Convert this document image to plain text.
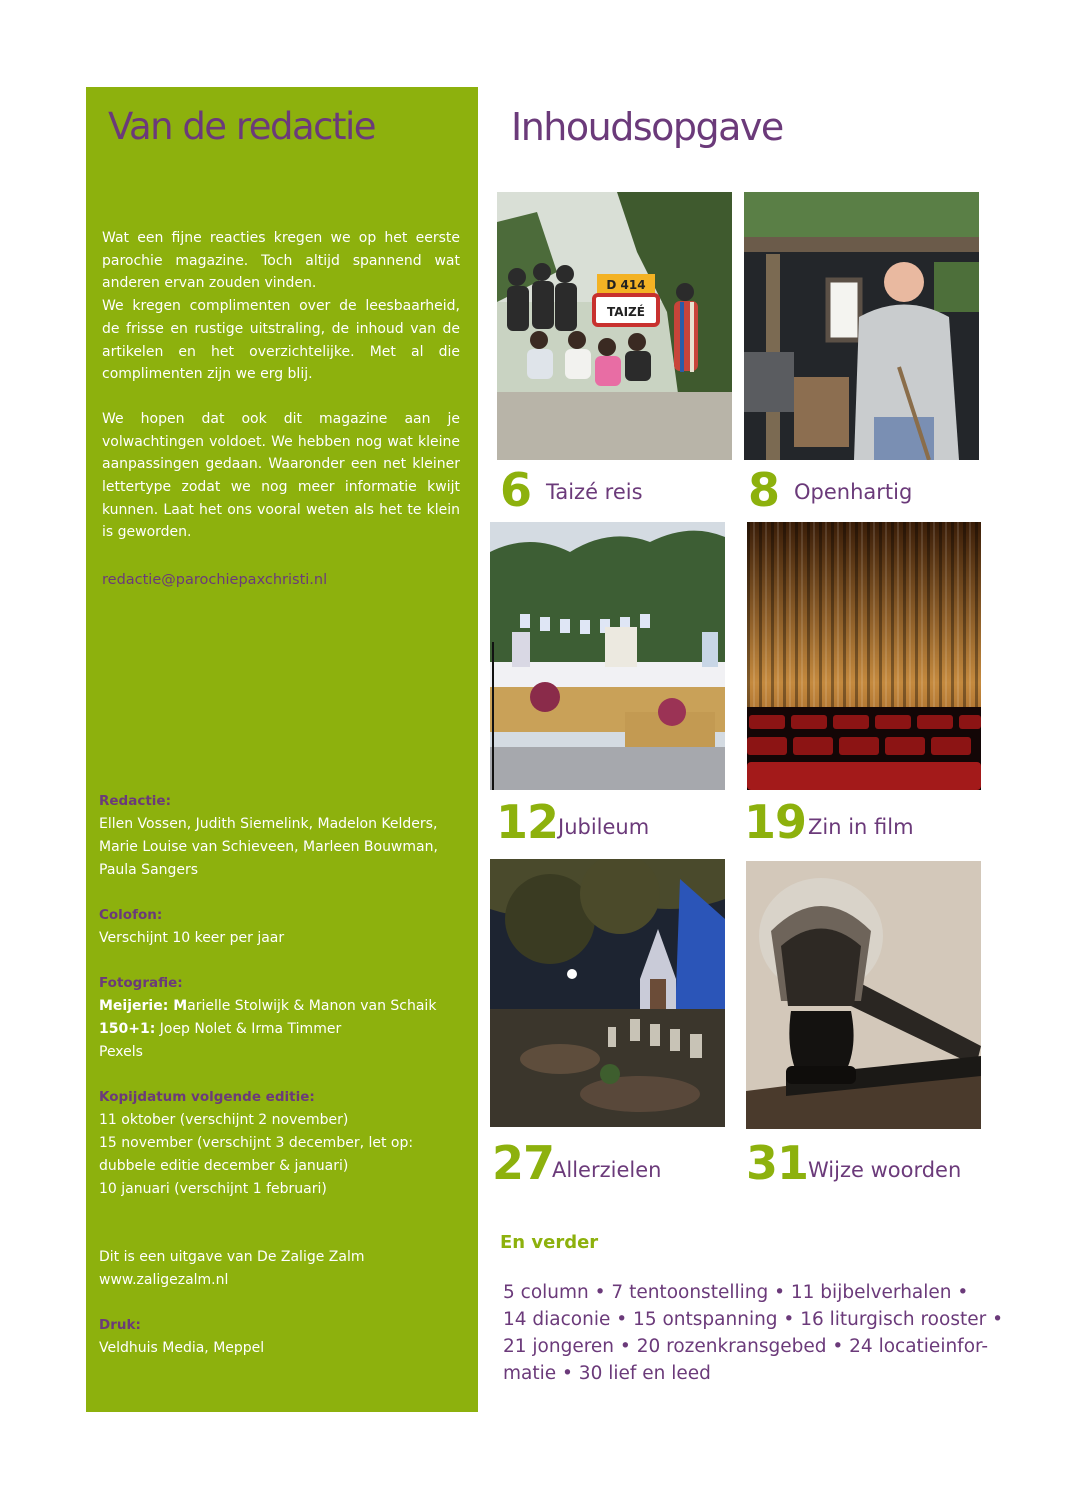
Van de redactie

Wat een fijne reacties kregen we op het eerste parochie magazine. Toch altijd spannend wat anderen ervan zouden vinden.
We kregen complimenten over de leesbaarheid, de frisse en rustige uitstraling, de inhoud van de artikelen en het overzichtelijke. Met al die complimenten zijn we erg blij.

We hopen dat ook dit magazine aan je volwachtingen voldoet. We hebben nog wat kleine aanpassingen gedaan. Waaronder een net kleiner lettertype zodat we nog meer informatie kwijt kunnen. Laat het ons vooral weten als het te klein is geworden.

redactie@parochiepaxchristi.nl
Redactie:
Ellen Vossen, Judith Siemelink, Madelon Kelders,
Marie Louise van Schieveen, Marleen Bouwman,
Paula Sangers
Colofon:
Verschijnt 10 keer per jaar
Fotografie:
Meijerie: Marielle Stolwijk & Manon van Schaik
150+1: Joep Nolet & Irma Timmer
Pexels
Kopijdatum volgende editie:
11 oktober (verschijnt 2 november)
15 november (verschijnt 3 december, let op:
dubbele editie december & januari)
10 januari (verschijnt 1 februari)
Dit is een uitgave van De Zalige Zalm
www.zaligezalm.nl
Druk:
Veldhuis Media, Meppel
Inhoudsopgave
D 414
TAIZÉ
6 Taizé reis 8 Openhartig
12 Jubileum 19 Zin in film
27
Allerzielen 31 Wijze woorden
En verder
5 column • 7 tentoonstelling • 11 bijbelverhalen •
14 diaconie • 15 ontspanning • 16 liturgisch rooster •
21 jongeren • 20 rozenkransgebed • 24 locatieinfor-
matie • 30 lief en leed
